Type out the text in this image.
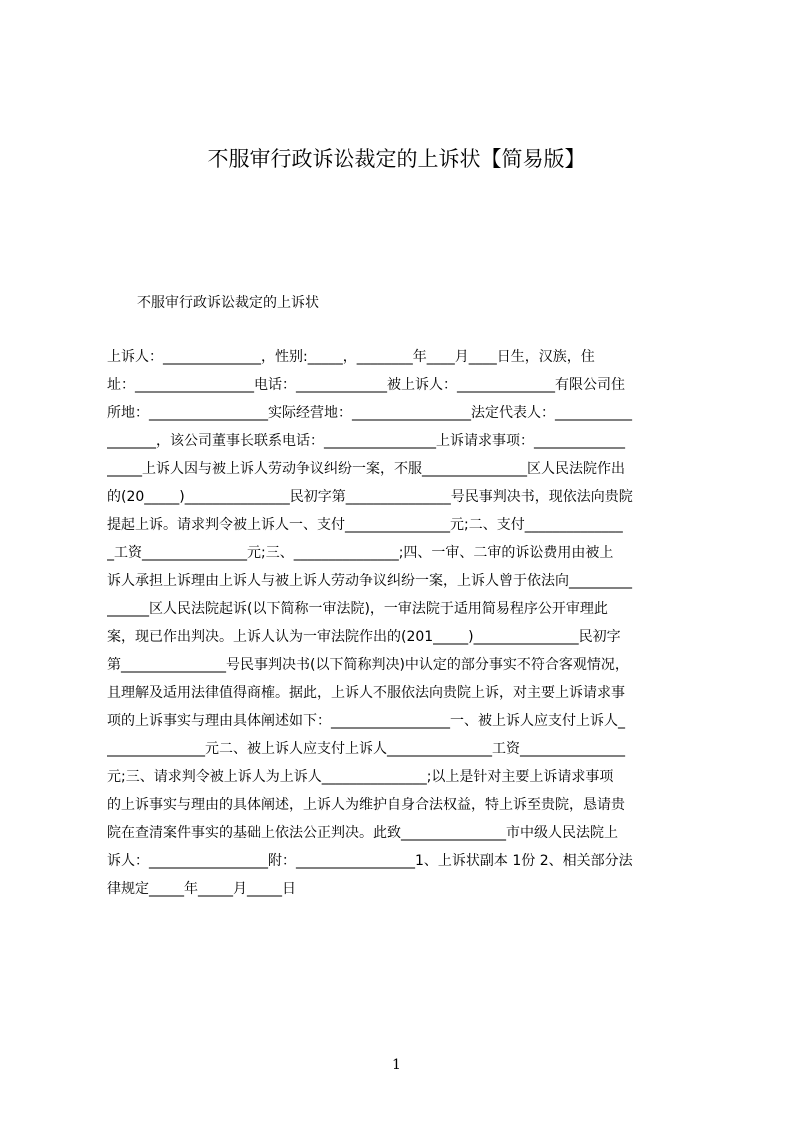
不服审行政诉讼裁定的上诉状【简易版】
不服审行政诉讼裁定的上诉状
上诉人：______________，性别:_____，________年____月____日生，汉族，住
址：_________________电话：_____________被上诉人：______________有限公司住
所地：_________________实际经营地：_________________法定代表人：___________
_______，该公司董事长联系电话：________________上诉请求事项：_____________
_____上诉人因与被上诉人劳动争议纠纷一案，不服_______________区人民法院作出
的(20_____)_______________民初字第_______________号民事判决书，现依法向贵院
提起上诉。请求判令被上诉人一、支付_______________元;二、支付______________
_工资_______________元;三、_______________;四、一审、二审的诉讼费用由被上
诉人承担上诉理由上诉人与被上诉人劳动争议纠纷一案，上诉人曾于依法向_________
______区人民法院起诉(以下简称一审法院)，一审法院于适用简易程序公开审理此
案，现已作出判决。上诉人认为一审法院作出的(201_____)_______________民初字
第_______________号民事判决书(以下简称判决)中认定的部分事实不符合客观情况，
且理解及适用法律值得商榷。据此，上诉人不服依法向贵院上诉，对主要上诉请求事
项的上诉事实与理由具体阐述如下：_________________一、被上诉人应支付上诉人_
______________元二、被上诉人应支付上诉人_______________工资_______________
元;三、请求判令被上诉人为上诉人_______________;以上是针对主要上诉请求事项
的上诉事实与理由的具体阐述，上诉人为维护自身合法权益，特上诉至贵院，恳请贵
院在查清案件事实的基础上依法公正判决。此致_______________市中级人民法院上
诉人：_________________附：_________________1、上诉状副本 1份 2、相关部分法
律规定_____年_____月_____日
1
